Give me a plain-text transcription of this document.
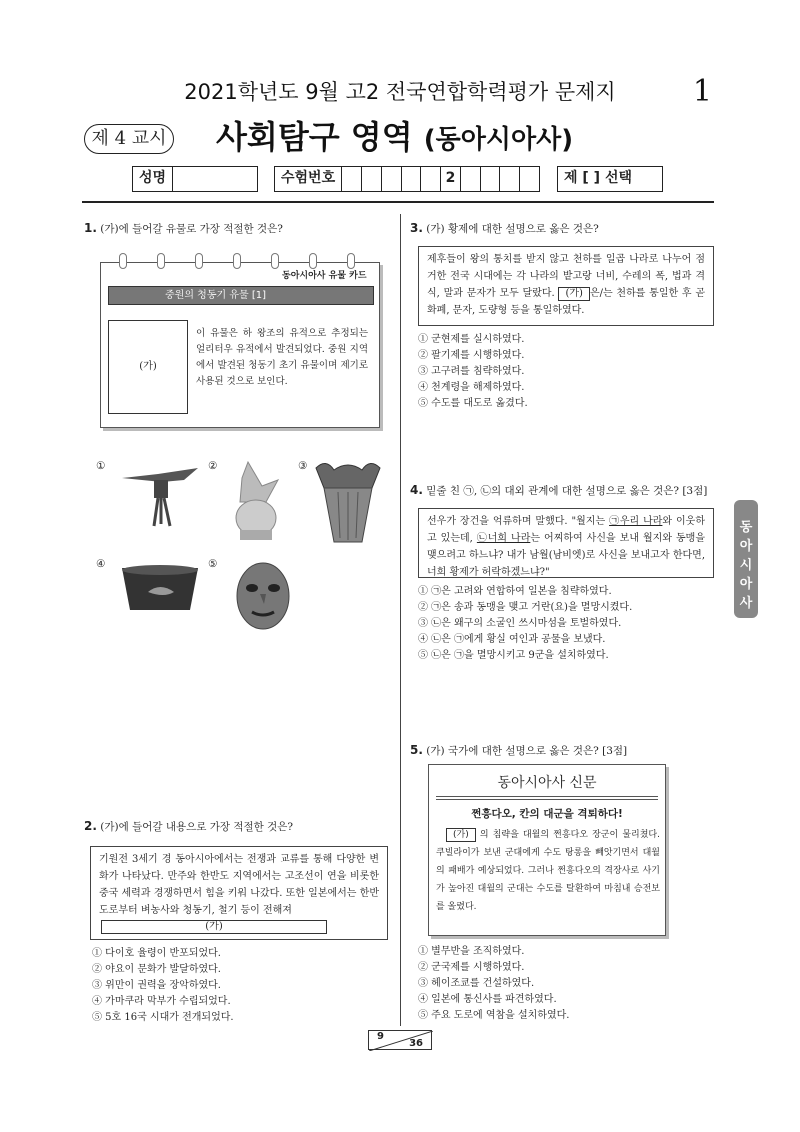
2021학년도 9월 고2 전국연합학력평가 문제지	1
제 4 교시 사회탐구 영역 (동아시아사)
성명	수험번호	2	제 [ ] 선택
1. (가)에 들어갈 유물로 가장 적절한 것은?
동아시아사 유물 카드
중원의 청동기 유물 [1]
(가)
이 유물은 하 왕조의 유적으로 추정되는 얼리터우 유적에서 발견되었다. 중원 지역에서 발견된 청동기 초기 유물이며 제기로 사용된 것으로 보인다.
①	②	③
④	⑤
2. (가)에 들어갈 내용으로 가장 적절한 것은?
기원전 3세기 경 동아시아에서는 전쟁과 교류를 통해 다양한 변화가 나타났다. 만주와 한반도 지역에서는 고조선이 연을 비롯한 중국 세력과 경쟁하면서 힘을 키워 나갔다. 또한 일본에서는 한반도로부터 벼농사와 청동기, 철기 등이 전해져
(가)
① 다이호 율령이 반포되었다.
② 야요이 문화가 발달하였다.
③ 위만이 권력을 장악하였다.
④ 가마쿠라 막부가 수립되었다.
⑤ 5호 16국 시대가 전개되었다.
3. (가) 황제에 대한 설명으로 옳은 것은?
제후들이 왕의 통치를 받지 않고 천하를 일곱 나라로 나누어 점거한 전국 시대에는 각 나라의 밭고랑 너비, 수레의 폭, 법과 격식, 말과 문자가 모두 달랐다. (가) 은/는 천하를 통일한 후 곧 화폐, 문자, 도량형 등을 통일하였다.
① 군현제를 실시하였다.
② 팔기제를 시행하였다.
③ 고구려를 침략하였다.
④ 천계령을 해제하였다.
⑤ 수도를 대도로 옮겼다.
4. 밑줄 친 ㉠, ㉡의 대외 관계에 대한 설명으로 옳은 것은? [3점]
선우가 장건을 억류하며 말했다. "월지는 ㉠우리 나라와 이웃하고 있는데, ㉡너희 나라는 어찌하여 사신을 보내 월지와 동맹을 맺으려고 하느냐? 내가 남월(남비엣)로 사신을 보내고자 한다면, 너희 황제가 허락하겠느냐?"
① ㉠은 고려와 연합하여 일본을 침략하였다.
② ㉠은 송과 동맹을 맺고 거란(요)을 멸망시켰다.
③ ㉡은 왜구의 소굴인 쓰시마섬을 토벌하였다.
④ ㉡은 ㉠에게 황실 여인과 공물을 보냈다.
⑤ ㉡은 ㉠을 멸망시키고 9군을 설치하였다.
5. (가) 국가에 대한 설명으로 옳은 것은? [3점]
동아시아사 신문
쩐흥다오, 칸의 대군을 격퇴하다!
(가) 의 침략을 대월의 쩐흥다오 장군이 물리쳤다. 쿠빌라이가 보낸 군대에게 수도 탕롱을 빼앗기면서 대월의 패배가 예상되었다. 그러나 쩐흥다오의 격장사로 사기가 높아진 대월의 군대는 수도를 탈환하여 마침내 승전보를 올렸다.
① 별무반을 조직하였다.
② 군국제를 시행하였다.
③ 헤이조쿄를 건설하였다.
④ 일본에 통신사를 파견하였다.
⑤ 주요 도로에 역참을 설치하였다.
동
아
시
아
사
9
36
